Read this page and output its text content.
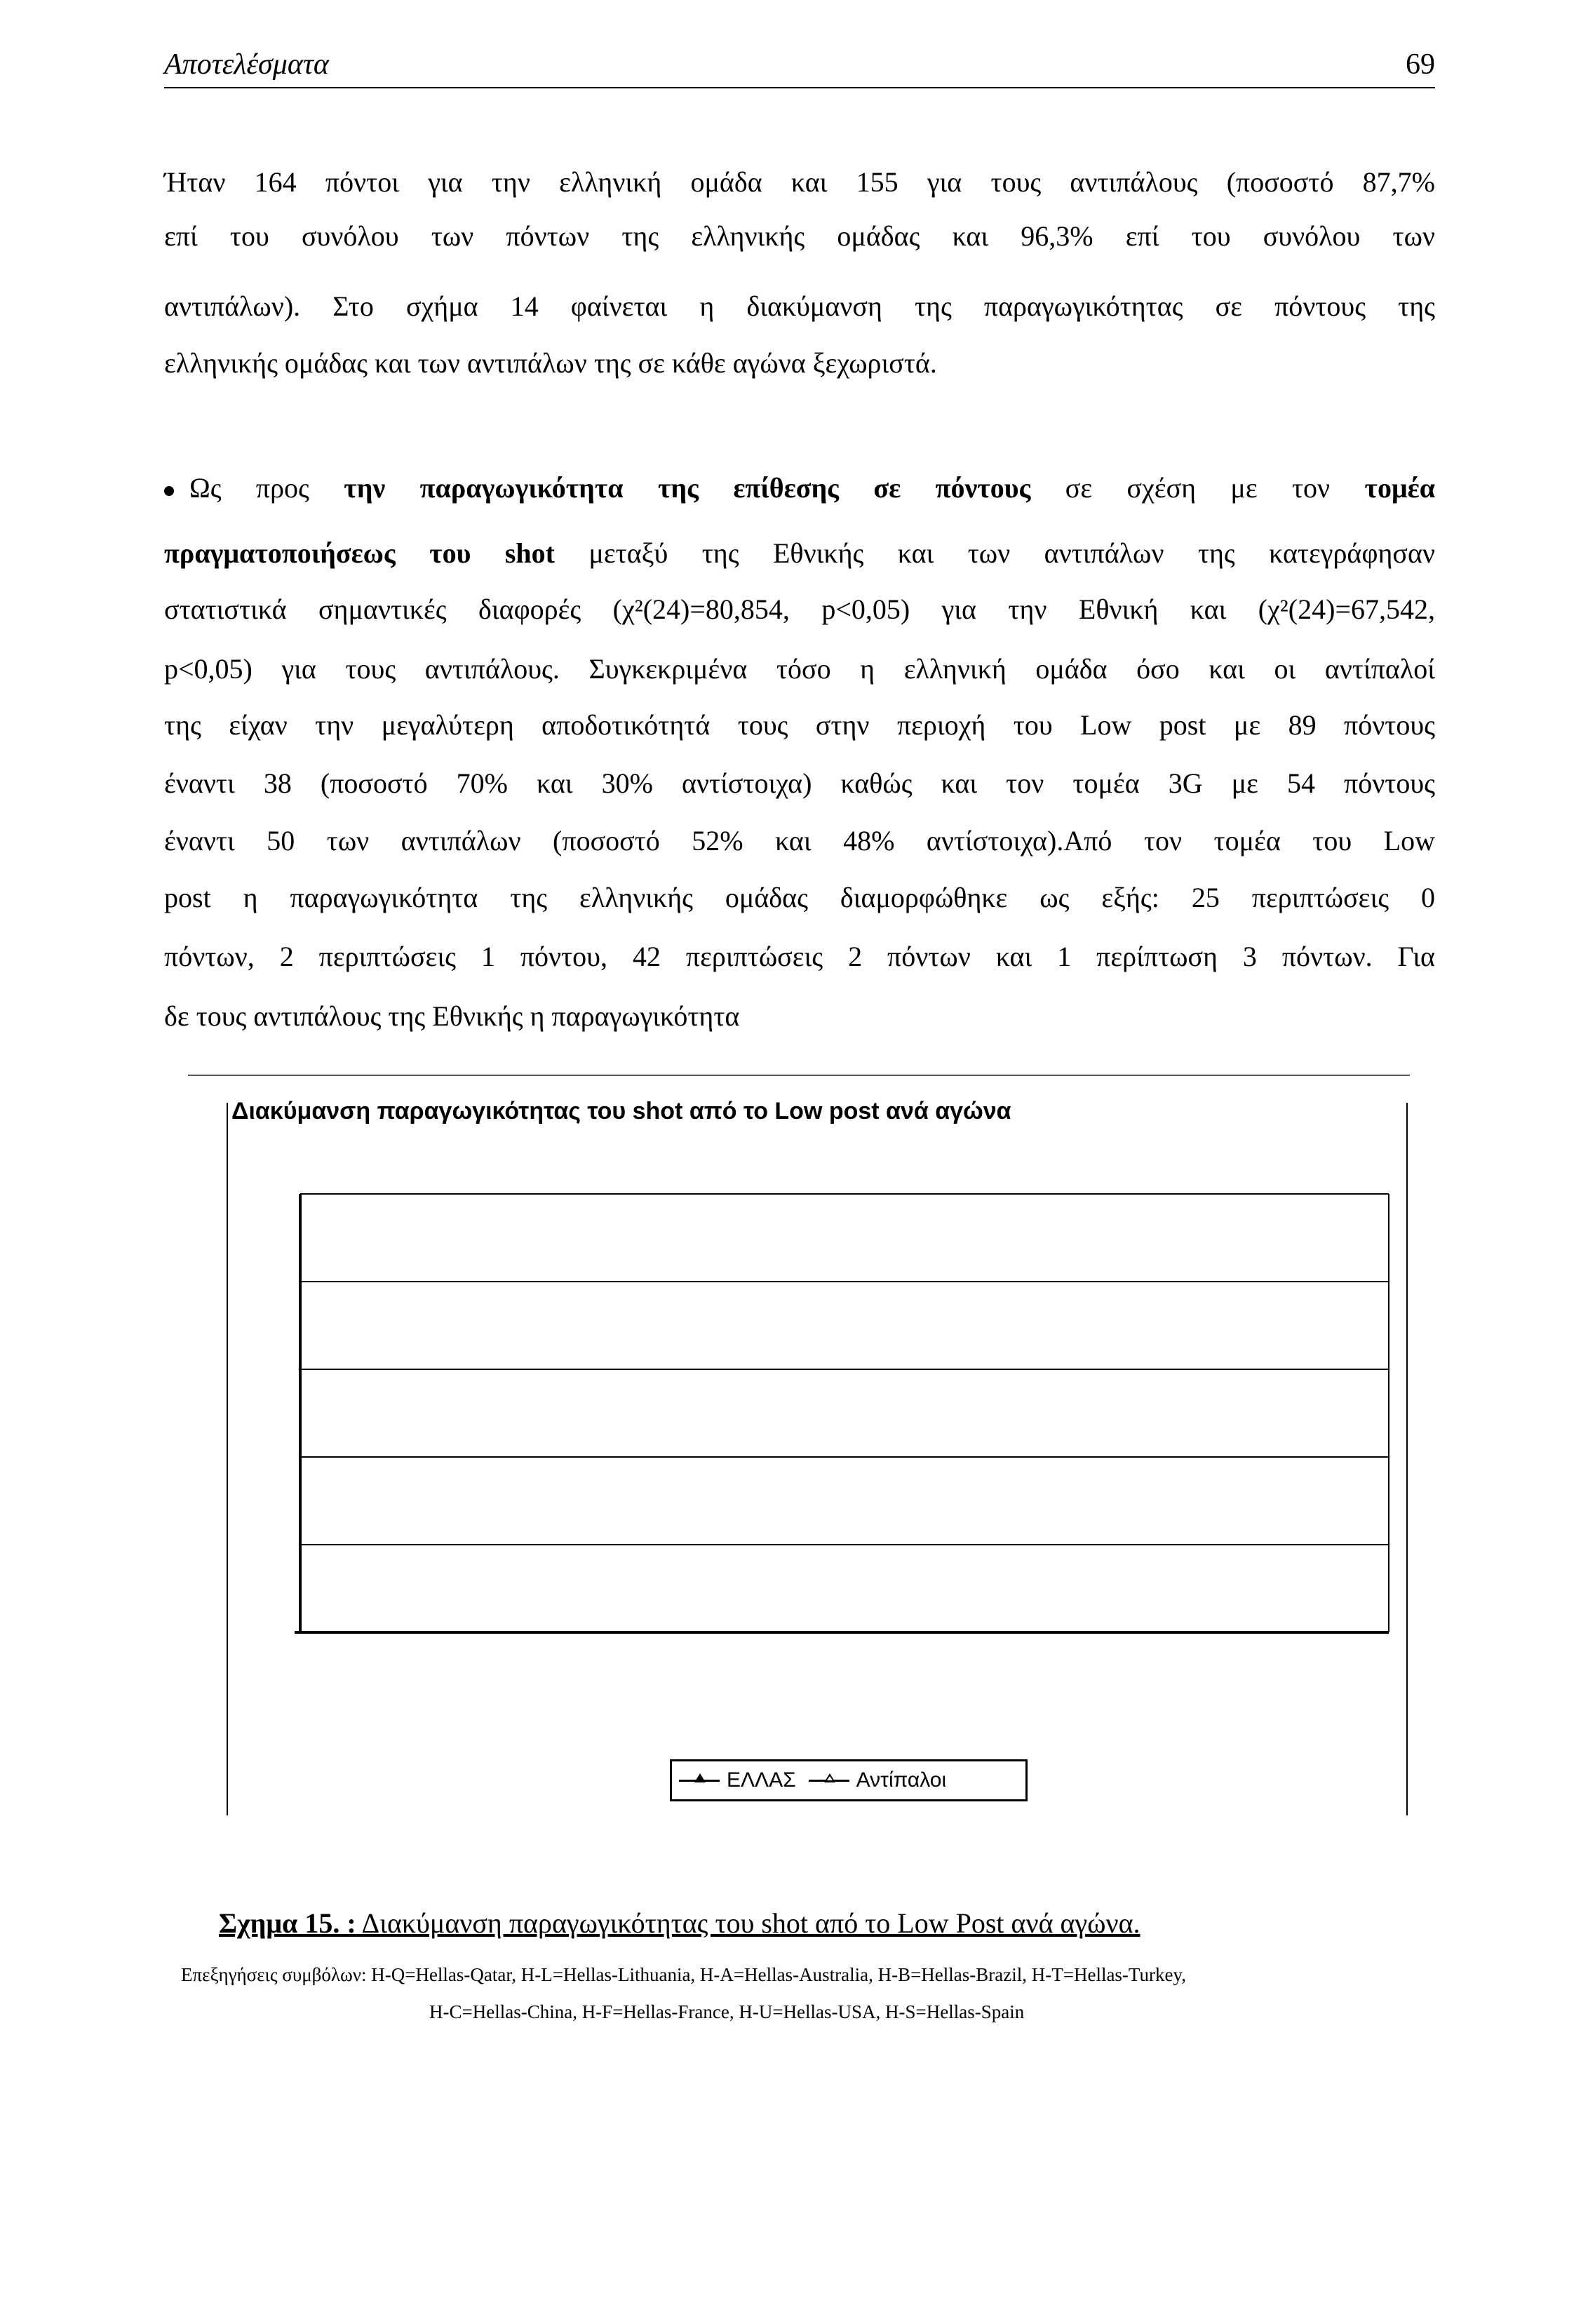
Αποτελέσματα	69
Ήταν 164 πόντοι για την ελληνική ομάδα και 155 για τους αντιπάλους (ποσοστό 87,7%
επί του συνόλου των πόντων της ελληνικής ομάδας και 96,3% επί του συνόλου των
αντιπάλων). Στο σχήμα 14 φαίνεται η διακύμανση της παραγωγικότητας σε πόντους της
ελληνικής ομάδας και των αντιπάλων της σε κάθε αγώνα ξεχωριστά.
Ως προς την παραγωγικότητα της επίθεσης σε πόντους σε σχέση με τον τομέα
πραγματοποιήσεως του shot μεταξύ της Εθνικής και των αντιπάλων της κατεγράφησαν
στατιστικά σημαντικές διαφορές (χ²(24)=80,854, p<0,05) για την Εθνική και (χ²(24)=67,542,
p<0,05) για τους αντιπάλους. Συγκεκριμένα τόσο η ελληνική ομάδα όσο και οι αντίπαλοί
της είχαν την μεγαλύτερη αποδοτικότητά τους στην περιοχή του Low post με 89 πόντους
έναντι 38 (ποσοστό 70% και 30% αντίστοιχα) καθώς και τον τομέα 3G με 54 πόντους
έναντι 50 των αντιπάλων (ποσοστό 52% και 48% αντίστοιχα).Από τον τομέα του Low
post η παραγωγικότητα της ελληνικής ομάδας διαμορφώθηκε ως εξής: 25 περιπτώσεις 0
πόντων, 2 περιπτώσεις 1 πόντου, 42 περιπτώσεις 2 πόντων και 1 περίπτωση 3 πόντων. Για
δε τους αντιπάλους της Εθνικής η παραγωγικότητα
Διακύμανση παραγωγικότητας του shot από το Low post ανά αγώνα
ΕΛΛΑΣ	Αντίπαλοι
Σχημα 15. : Διακύμανση παραγωγικότητας του shot από το Low Post ανά αγώνα.
Επεξηγήσεις συμβόλων: H-Q=Hellas-Qatar, H-L=Hellas-Lithuania, H-A=Hellas-Australia, H-B=Hellas-Brazil, H-T=Hellas-Turkey,
H-C=Hellas-China, H-F=Hellas-France, H-U=Hellas-USA, H-S=Hellas-Spain
